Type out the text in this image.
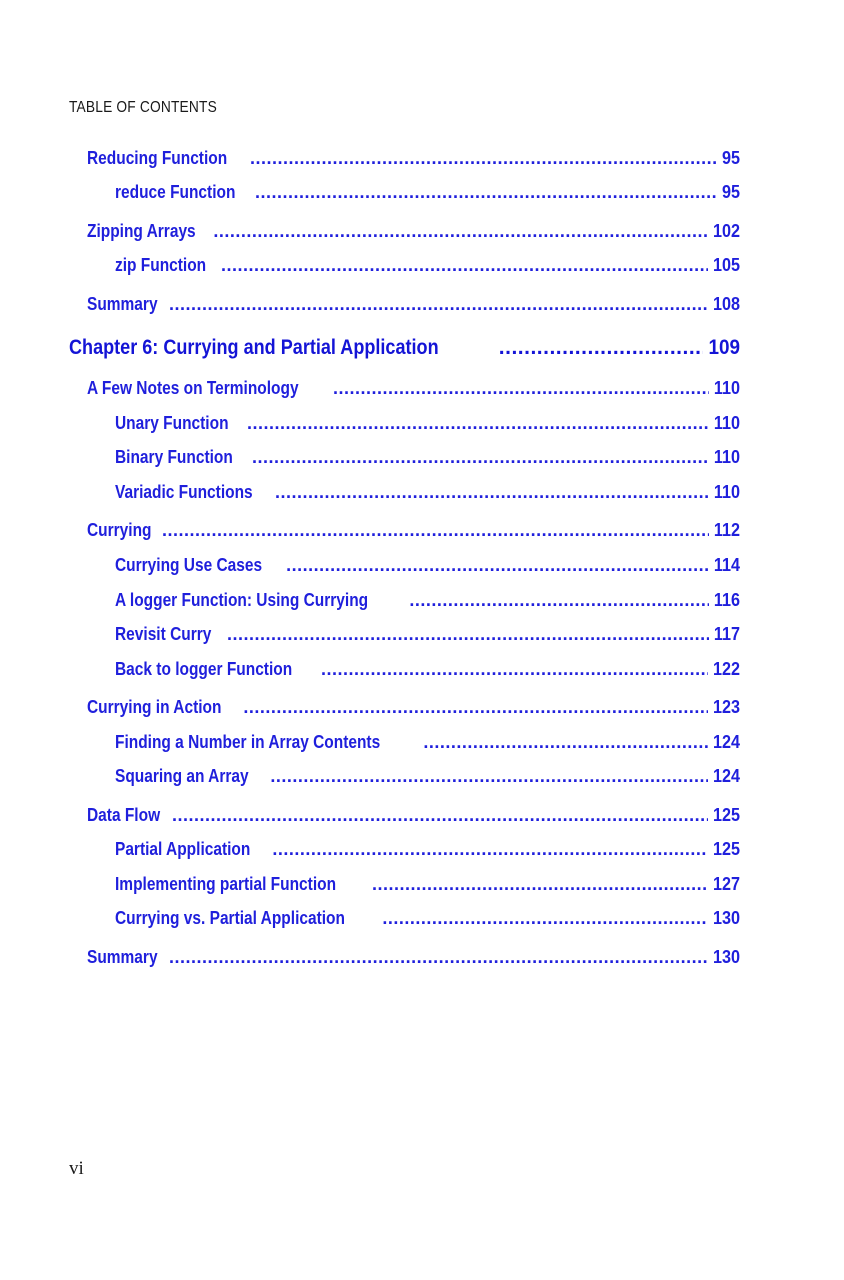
TABLE OF CONTENTS
Reducing Function .....	95
reduce Function .....	95
Zipping Arrays .....	102
zip Function .....	105
Summary .....	108
Chapter 6: Currying and Partial Application .....	109
A Few Notes on Terminology .....	110
Unary Function .....	110
Binary Function .....	110
Variadic Functions .....	110
Currying .....	112
Currying Use Cases .....	114
A logger Function: Using Currying .....	116
Revisit Curry .....	117
Back to logger Function .....	122
Currying in Action .....	123
Finding a Number in Array Contents .....	124
Squaring an Array .....	124
Data Flow .....	125
Partial Application .....	125
Implementing partial Function .....	127
Currying vs. Partial Application .....	130
Summary .....	130
vi
